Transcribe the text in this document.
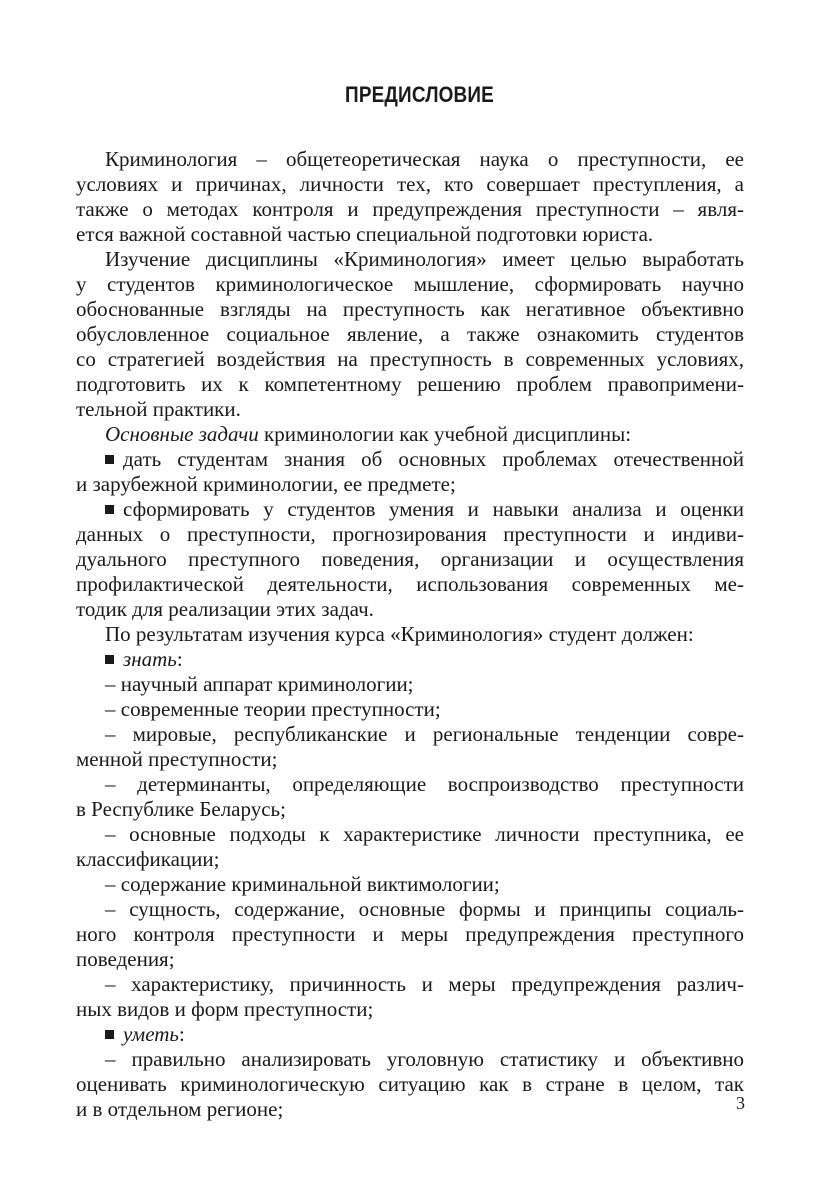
ПРЕДИСЛОВИЕ
Криминология – общетеоретическая наука о преступности, ее
условиях и причинах, личности тех, кто совершает преступления, а
также о методах контроля и предупреждения преступности – явля-
ется важной составной частью специальной подготовки юриста.
Изучение дисциплины «Криминология» имеет целью выработать
у студентов криминологическое мышление, сформировать научно
обоснованные взгляды на преступность как негативное объективно
обусловленное социальное явление, а также ознакомить студентов
со стратегией воздействия на преступность в современных условиях,
подготовить их к компетентному решению проблем правопримени-
тельной практики.
Основные задачи криминологии как учебной дисциплины:
дать студентам знания об основных проблемах отечественной
и зарубежной криминологии, ее предмете;
сформировать у студентов умения и навыки анализа и оценки
данных о преступности, прогнозирования преступности и индиви-
дуального преступного поведения, организации и осуществления
профилактической деятельности, использования современных ме-
тодик для реализации этих задач.
По результатам изучения курса «Криминология» студент должен:
знать:
– научный аппарат криминологии;
– современные теории преступности;
– мировые, республиканские и региональные тенденции совре-
менной преступности;
– детерминанты, определяющие воспроизводство преступности
в Республике Беларусь;
– основные подходы к характеристике личности преступника, ее
классификации;
– содержание криминальной виктимологии;
– сущность, содержание, основные формы и принципы социаль-
ного контроля преступности и меры предупреждения преступного
поведения;
– характеристику, причинность и меры предупреждения различ-
ных видов и форм преступности;
уметь:
– правильно анализировать уголовную статистику и объективно
оценивать криминологическую ситуацию как в стране в целом, так
и в отдельном регионе;	3
